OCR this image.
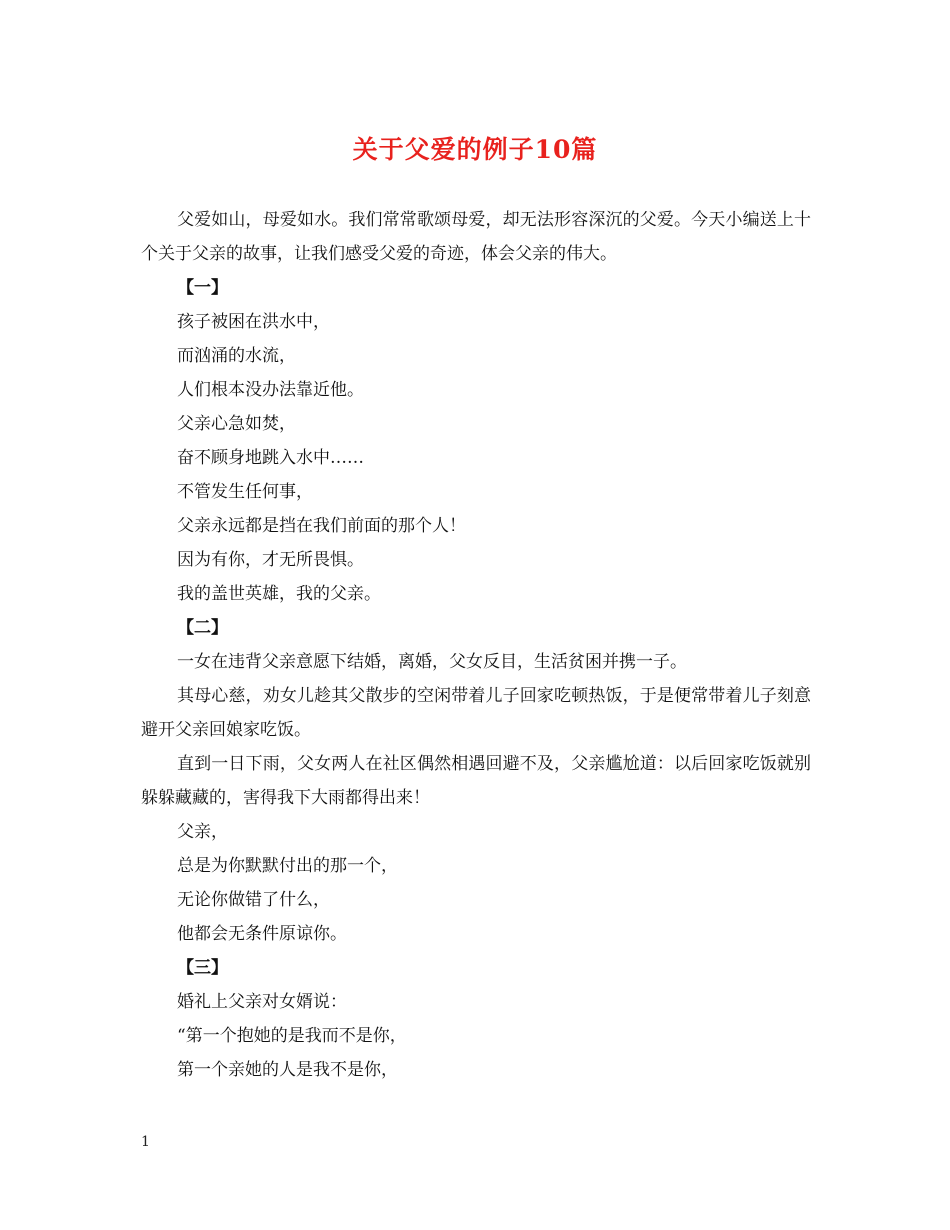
关于父爱的例子10篇

父爱如山，母爱如水。我们常常歌颂母爱，却无法形容深沉的父爱。今天小编送上十个关于父亲的故事，让我们感受父爱的奇迹，体会父亲的伟大。

【一】

孩子被困在洪水中，

而汹涌的水流，

人们根本没办法靠近他。

父亲心急如焚，

奋不顾身地跳入水中……

不管发生任何事，

父亲永远都是挡在我们前面的那个人！

因为有你，才无所畏惧。

我的盖世英雄，我的父亲。

【二】

一女在违背父亲意愿下结婚，离婚，父女反目，生活贫困并携一子。

其母心慈，劝女儿趁其父散步的空闲带着儿子回家吃顿热饭，于是便常带着儿子刻意避开父亲回娘家吃饭。

直到一日下雨，父女两人在社区偶然相遇回避不及，父亲尴尬道：以后回家吃饭就别躲躲藏藏的，害得我下大雨都得出来！

父亲，

总是为你默默付出的那一个，

无论你做错了什么，

他都会无条件原谅你。

【三】

婚礼上父亲对女婿说：

“第一个抱她的是我而不是你，

第一个亲她的人是我不是你，

1
